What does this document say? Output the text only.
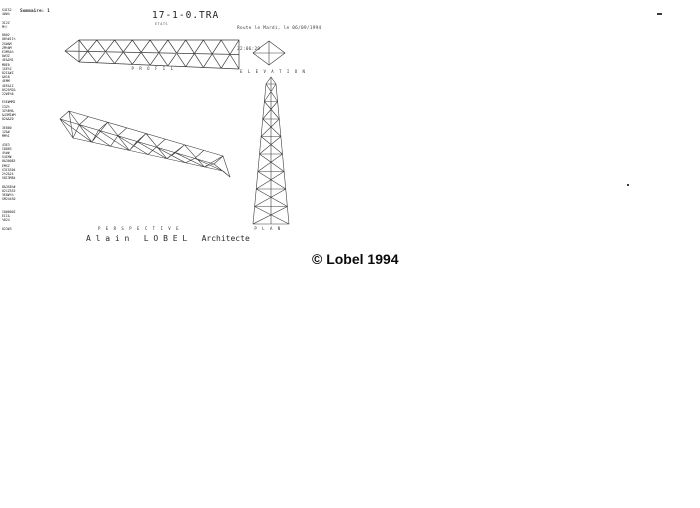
S4IS2
4##4

3I2Z
M

8002
08%#I1%
2S#&M
ZM%0M
E3MS&%
0#3Z
4E&1MI
M8E0
1SE%Z
82I&#Z
&018
4EMM
4EE&1Z
0S21M2&
22#E%8

ESE#MM2
I3Z%
3Z%EM&
&43MI#M
82&&Z0

3E800
1Z&#
MM%I

43E3
I8883
4%##
S4IM#
0&30083
EMSZ
S3ISS04
2%2&24
S8I3M84

8&3S8%#
021ZSS3
3E8#%%
SM244S0

I8#000Z
EII&
%824

023#3
Sommaire: 1	17-1-0.TRA
ETATS

Route le Mardi, le 06/09/1994

22:06:29

P R O F I L
E L E V A T I O N
P E R S P E C T I V E	P L A N
A l a i n   L O B E L   Architecte
© Lobel 1994
